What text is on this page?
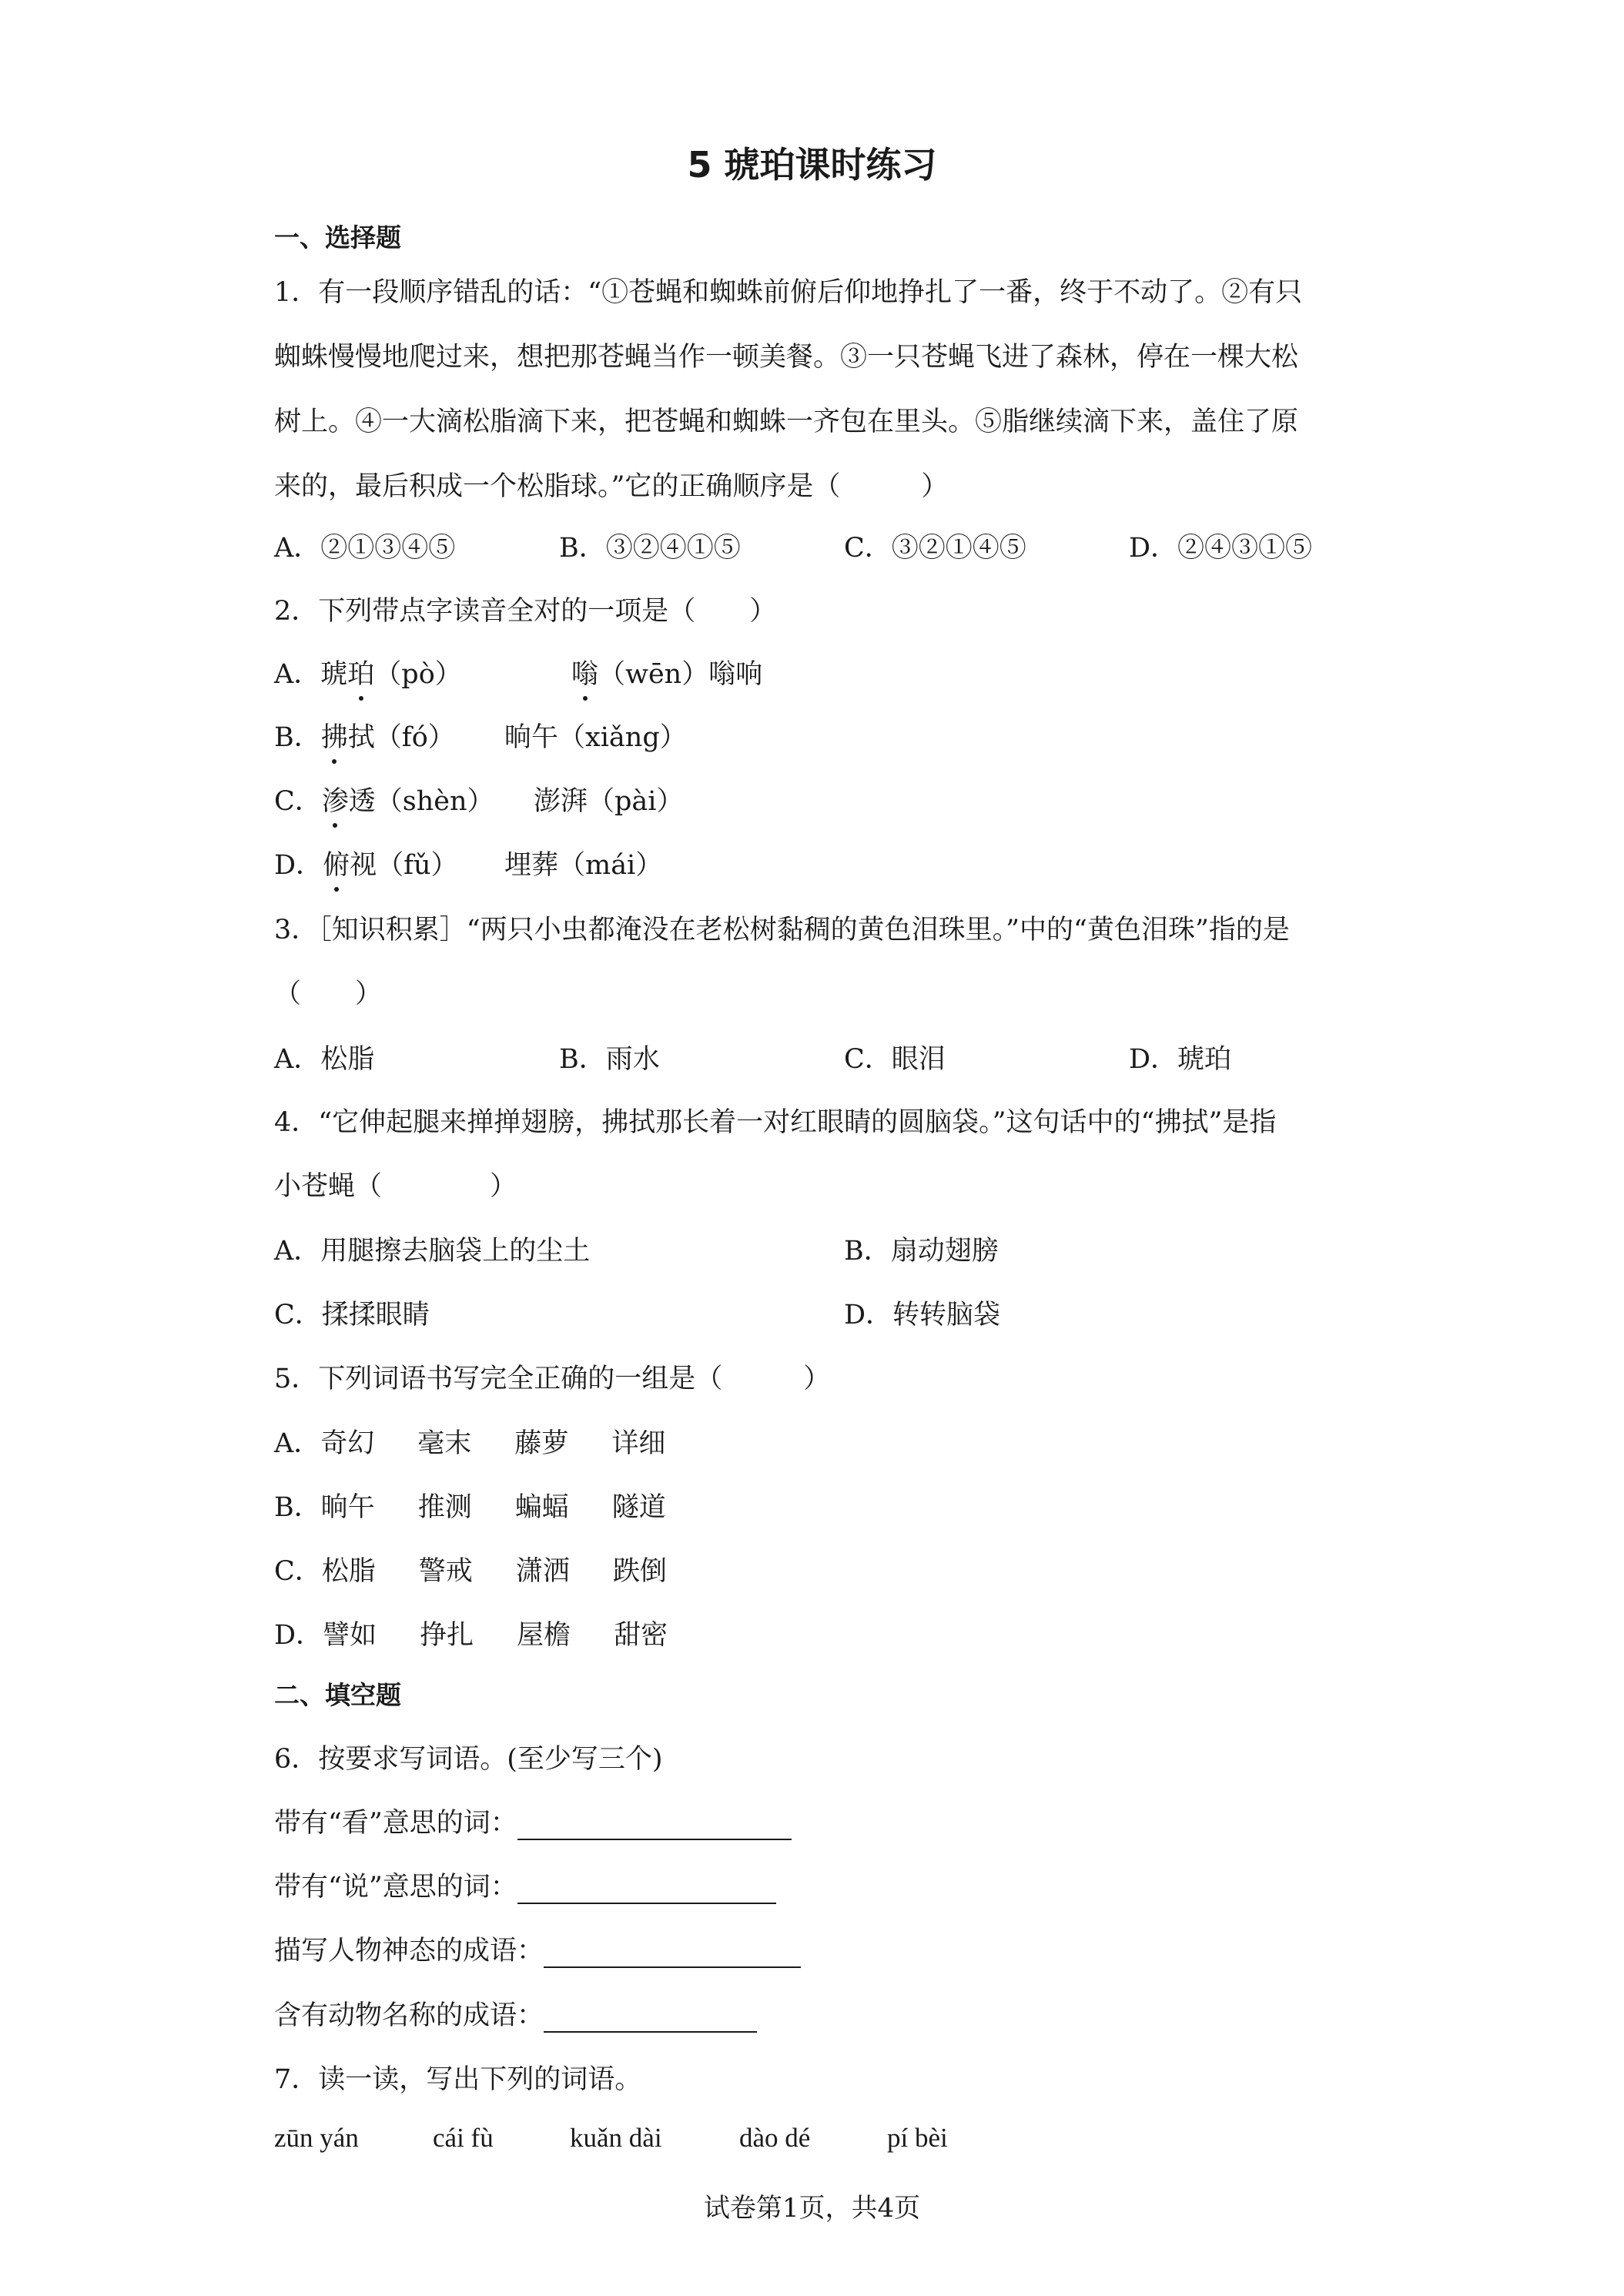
5 琥珀课时练习
一、选择题
1．有一段顺序错乱的话：“①苍蝇和蜘蛛前俯后仰地挣扎了一番，终于不动了。②有只
蜘蛛慢慢地爬过来，想把那苍蝇当作一顿美餐。③一只苍蝇飞进了森林，停在一棵大松
树上。④一大滴松脂滴下来，把苍蝇和蜘蛛一齐包在里头。⑤脂继续滴下来，盖住了原
来的，最后积成一个松脂球。”它的正确顺序是（　　　）
A．②①③④⑤	B．③②④①⑤	C．③②①④⑤	D．②④③①⑤
2．下列带点字读音全对的一项是（　　）
A．琥珀（pò）	嗡（wēn）嗡响
B．拂拭（fó） 晌午（xiǎng）
C．渗透（shèn） 澎湃（pài）
D．俯视（fǔ） 埋葬（mái）
3．［知识积累］“两只小虫都淹没在老松树黏稠的黄色泪珠里。”中的“黄色泪珠”指的是
（　　）
A．松脂	B．雨水	C．眼泪	D．琥珀
4．“它伸起腿来掸掸翅膀，拂拭那长着一对红眼睛的圆脑袋。”这句话中的“拂拭”是指
小苍蝇（　　　　）
A．用腿擦去脑袋上的尘土	B．扇动翅膀
C．揉揉眼睛	D．转转脑袋
5．下列词语书写完全正确的一组是（　　　）
A．奇幻 毫末 藤萝 详细
B．晌午 推测 蝙蝠 隧道
C．松脂 警戒 潇洒 跌倒
D．譬如 挣扎 屋檐 甜密
二、填空题
6．按要求写词语。(至少写三个)
带有“看”意思的词：
带有“说”意思的词：
描写人物神态的成语：
含有动物名称的成语：
7．读一读，写出下列的词语。
zūn yán	cái fù	kuǎn dài	dào dé	pí bèi
试卷第1页，共4页
